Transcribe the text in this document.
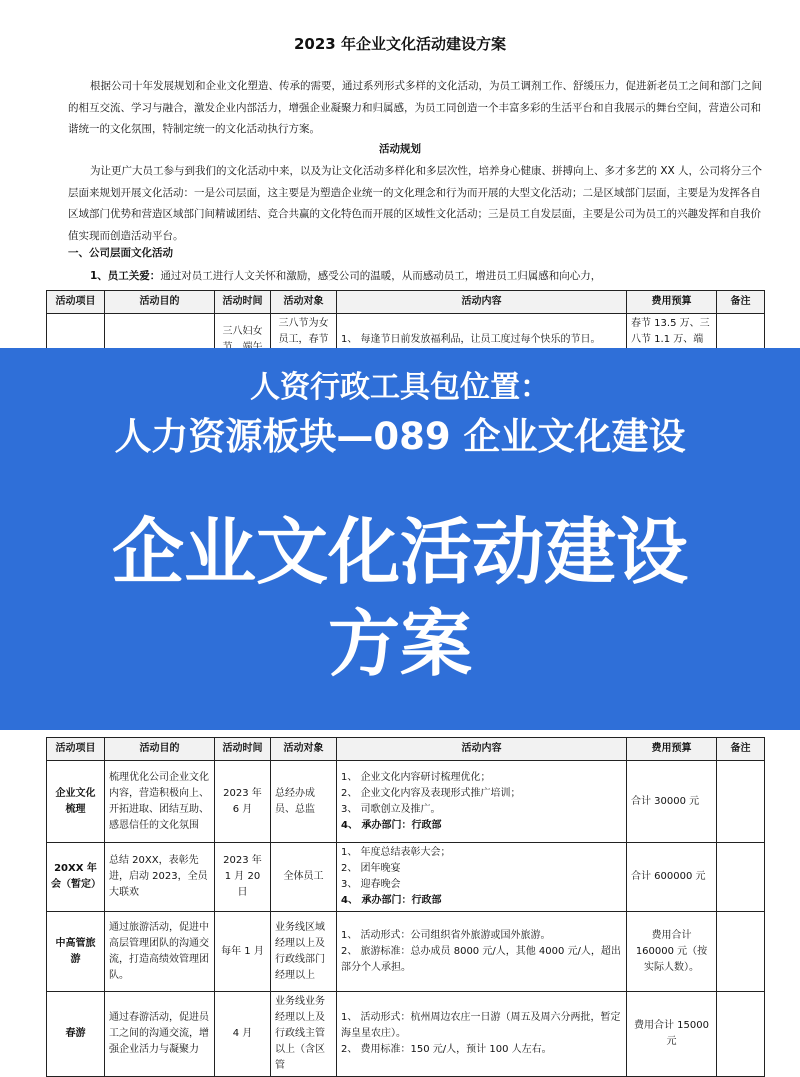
2023 年企业文化活动建设方案

根据公司十年发展规划和企业文化塑造、传承的需要，通过系列形式多样的文化活动，为员工调剂工作、舒缓压力，促进新老员工之间和部门之间的相互交流、学习与融合，激发企业内部活力，增强企业凝聚力和归属感，为员工同创造一个丰富多彩的生活平台和自我展示的舞台空间，营造公司和谐统一的文化氛围，特制定统一的文化活动执行方案。

活动规划

为让更广大员工参与到我们的文化活动中来，以及为让文化活动多样化和多层次性，培养身心健康、拼搏向上、多才多艺的 XX 人，公司将分三个层面来规划开展文化活动：一是公司层面，这主要是为塑造企业统一的文化理念和行为而开展的大型文化活动；二是区域部门层面，主要是为发挥各自区域部门优势和营造区域部门间精诚团结、竞合共赢的文化特色而开展的区域性文化活动；三是员工自发层面，主要是公司为员工的兴趣发挥和自我价值实现而创造活动平台。

一、公司层面文化活动
1、员工关爱：通过对员工进行人文关怀和激励，感受公司的温暖，从而感动员工，增进员工归属感和向心力，
活动项目	活动目的	活动时间	活动对象	活动内容	费用预算	备注
		三八妇女	三八节为女员工，春节	1、 每逢节日前发放福利品，让员工度过每个快乐的节日。	春节 13.5 万、三八节 1.1 万、端	
活动项目	活动目的	活动时间	活动对象	活动内容	费用预算	备注
企业文化梳理	梳理优化公司企业文化内容，营造积极向上、开拓进取、团结互助、感恩信任的文化氛围	2023 年 6 月	总经办成员、总监	1、 企业文化内容研讨梳理优化；

2、 企业文化内容及表现形式推广培训；

3、 司歌创立及推广。

4、 承办部门：行政部	合计 30000 元	
20XX 年会（暂定）	总结 20XX，表彰先进，启动 2023，全员大联欢	2023 年 1 月 20 日	全体员工	1、 年度总结表彰大会；

2、 团年晚宴

3、 迎春晚会

4、 承办部门：行政部	合计 600000 元	
中高管旅游	通过旅游活动，促进中高层管理团队的沟通交流，打造高绩效管理团队。	每年 1 月	业务线区域经理以上及行政线部门经理以上	1、 活动形式：公司组织省外旅游或国外旅游。

2、 旅游标准：总办成员 8000 元/人，其他 4000 元/人，超出部分个人承担。	费用合计 160000 元（按实际人数）。	
春游	通过春游活动，促进员工之间的沟通交流，增强企业活力与凝聚力	4 月	业务线业务经理以上及行政线主管以上（含区管	1、 活动形式：杭州周边农庄一日游（周五及周六分两批，暂定海皇星农庄）。

2、 费用标准：150 元/人，预计 100 人左右。	费用合计 15000 元	
人资行政工具包位置：
人力资源板块—089 企业文化建设
企业文化活动建设
方案
